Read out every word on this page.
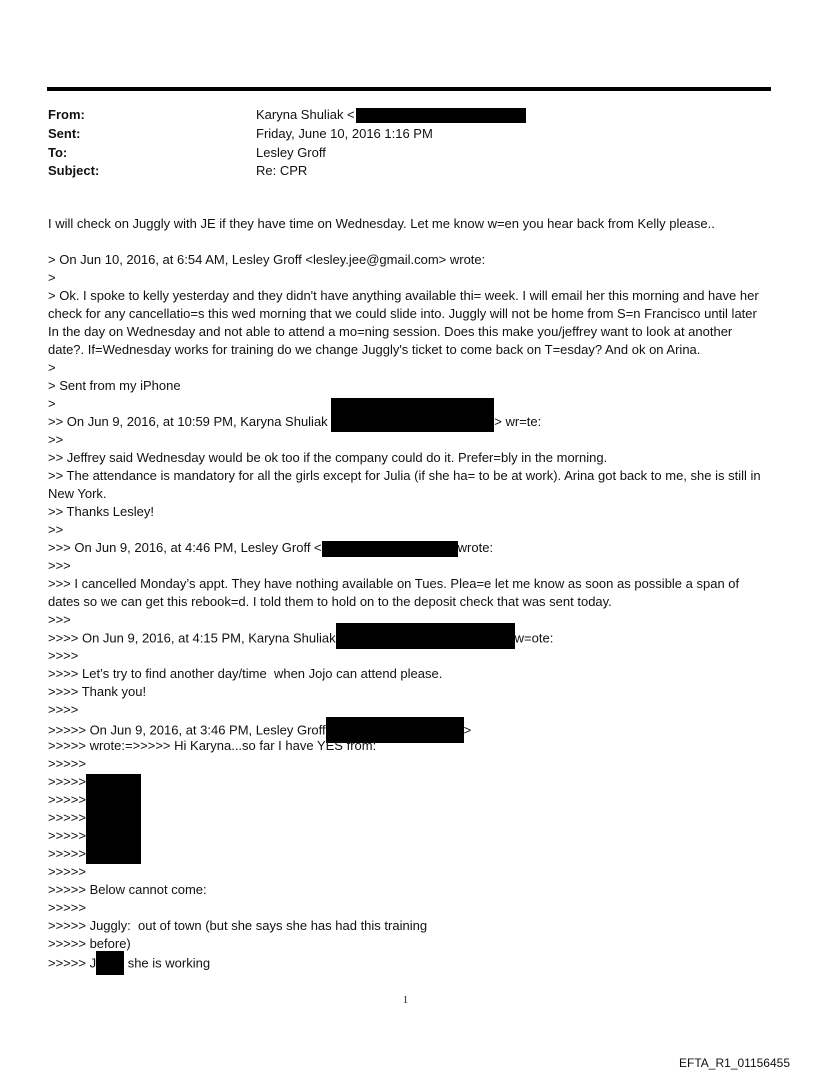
From:	Karyna Shuliak <
Sent:	Friday, June 10, 2016 1:16 PM
To:	Lesley Groff
Subject:	Re: CPR
I will check on Juggly with JE if they have time on Wednesday. Let me know w=en you hear back from Kelly please..
> On Jun 10, 2016, at 6:54 AM, Lesley Groff <lesley.jee@gmail.com> wrote:
>
> Ok. I spoke to kelly yesterday and they didn't have anything available thi= week. I will email her this morning and have her check for any cancellatio=s this wed morning that we could slide into. Juggly will not be home from S=n Francisco until later In the day on Wednesday and not able to attend a mo=ning session. Does this make you/jeffrey want to look at another date?. If=Wednesday works for training do we change Juggly's ticket to come back on T=esday? And ok on Arina.
>
> Sent from my iPhone
>
>> On Jun 9, 2016, at 10:59 PM, Karyna Shuliak	> wr=te:
>>
>> Jeffrey said Wednesday would be ok too if the company could do it. Prefer=bly in the morning.
>> The attendance is mandatory for all the girls except for Julia (if she ha= to be at work). Arina got back to me, she is still in New York.
>> Thanks Lesley!
>>
>>> On Jun 9, 2016, at 4:46 PM, Lesley Groff <	wrote:
>>>
>>> I cancelled Monday’s appt. They have nothing available on Tues. Plea=e let me know as soon as possible a span of dates so we can get this rebook=d. I told them to hold on to the deposit check that was sent today.
>>>
>>>> On Jun 9, 2016, at 4:15 PM, Karyna Shuliak	w=ote:
>>>>
>>>> Let’s try to find another day/time  when Jojo can attend please.
>>>> Thank you!
>>>>
>>>>> On Jun 9, 2016, at 3:46 PM, Lesley Groff	>
>>>>> wrote:=>>>>> Hi Karyna...so far I have YES from:
>>>>>
>>>>>
>>>>>
>>>>>
>>>>>
>>>>>
>>>>>
>>>>> Below cannot come:
>>>>>
>>>>> Juggly:  out of town (but she says she has had this training
>>>>> before)
>>>>> J she is working
1
EFTA_R1_01156455
